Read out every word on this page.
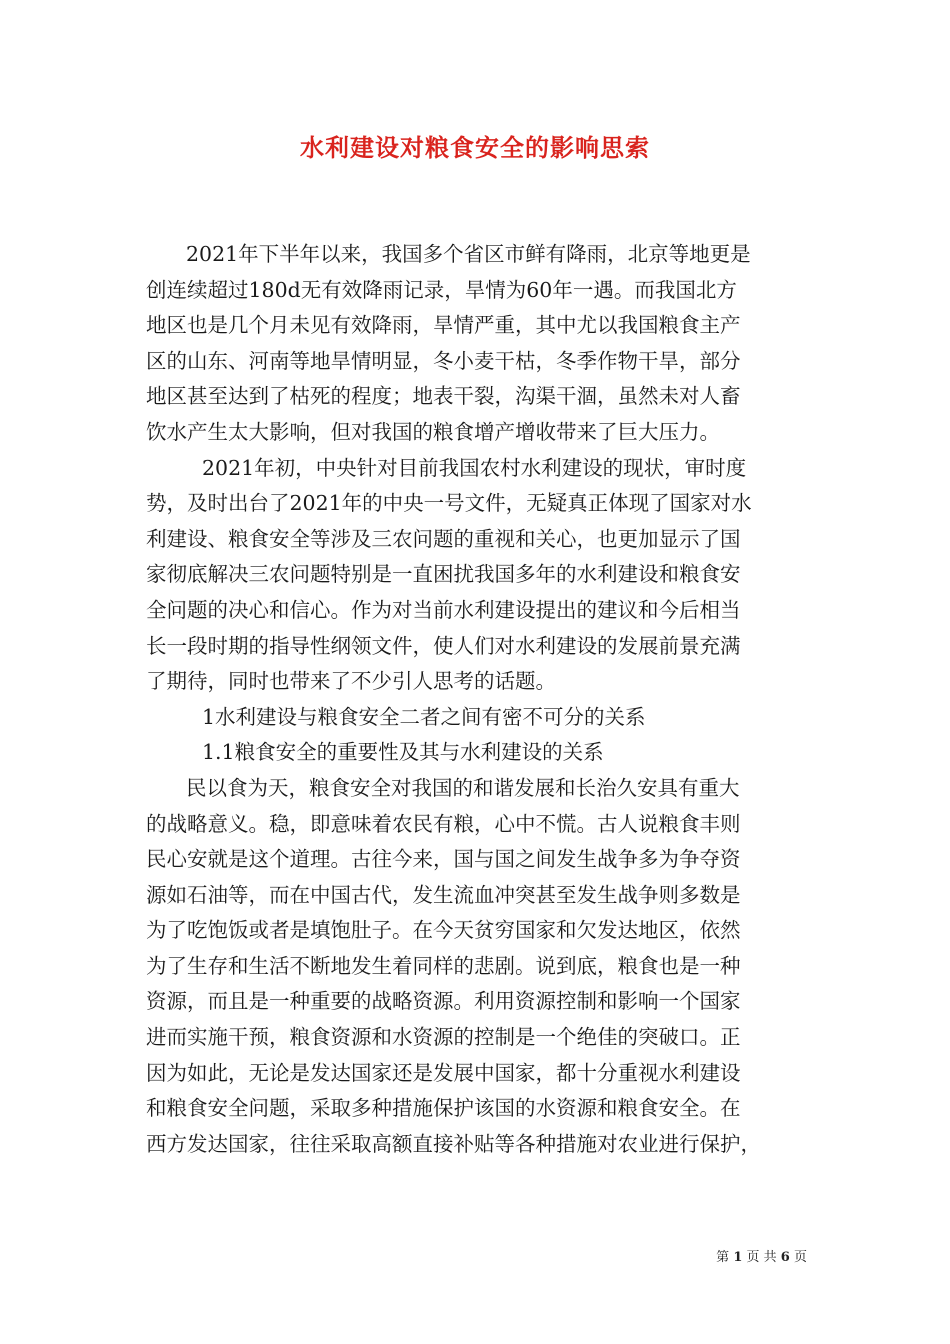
水利建设对粮食安全的影响思索

2021年下半年以来，我国多个省区市鲜有降雨，北京等地更是

创连续超过180d无有效降雨记录，旱情为60年一遇。而我国北方

地区也是几个月未见有效降雨，旱情严重，其中尤以我国粮食主产

区的山东、河南等地旱情明显，冬小麦干枯，冬季作物干旱，部分

地区甚至达到了枯死的程度；地表干裂，沟渠干涸，虽然未对人畜

饮水产生太大影响，但对我国的粮食增产增收带来了巨大压力。

2021年初，中央针对目前我国农村水利建设的现状，审时度

势，及时出台了2021年的中央一号文件，无疑真正体现了国家对水

利建设、粮食安全等涉及三农问题的重视和关心，也更加显示了国

家彻底解决三农问题特别是一直困扰我国多年的水利建设和粮食安

全问题的决心和信心。作为对当前水利建设提出的建议和今后相当

长一段时期的指导性纲领文件，使人们对水利建设的发展前景充满

了期待，同时也带来了不少引人思考的话题。

1水利建设与粮食安全二者之间有密不可分的关系

1.1粮食安全的重要性及其与水利建设的关系

民以食为天，粮食安全对我国的和谐发展和长治久安具有重大

的战略意义。稳，即意味着农民有粮，心中不慌。古人说粮食丰则

民心安就是这个道理。古往今来，国与国之间发生战争多为争夺资

源如石油等，而在中国古代，发生流血冲突甚至发生战争则多数是

为了吃饱饭或者是填饱肚子。在今天贫穷国家和欠发达地区，依然

为了生存和生活不断地发生着同样的悲剧。说到底，粮食也是一种

资源，而且是一种重要的战略资源。利用资源控制和影响一个国家

进而实施干预，粮食资源和水资源的控制是一个绝佳的突破口。正

因为如此，无论是发达国家还是发展中国家，都十分重视水利建设

和粮食安全问题，采取多种措施保护该国的水资源和粮食安全。在

西方发达国家，往往采取高额直接补贴等各种措施对农业进行保护，

第 1 页 共 6 页
